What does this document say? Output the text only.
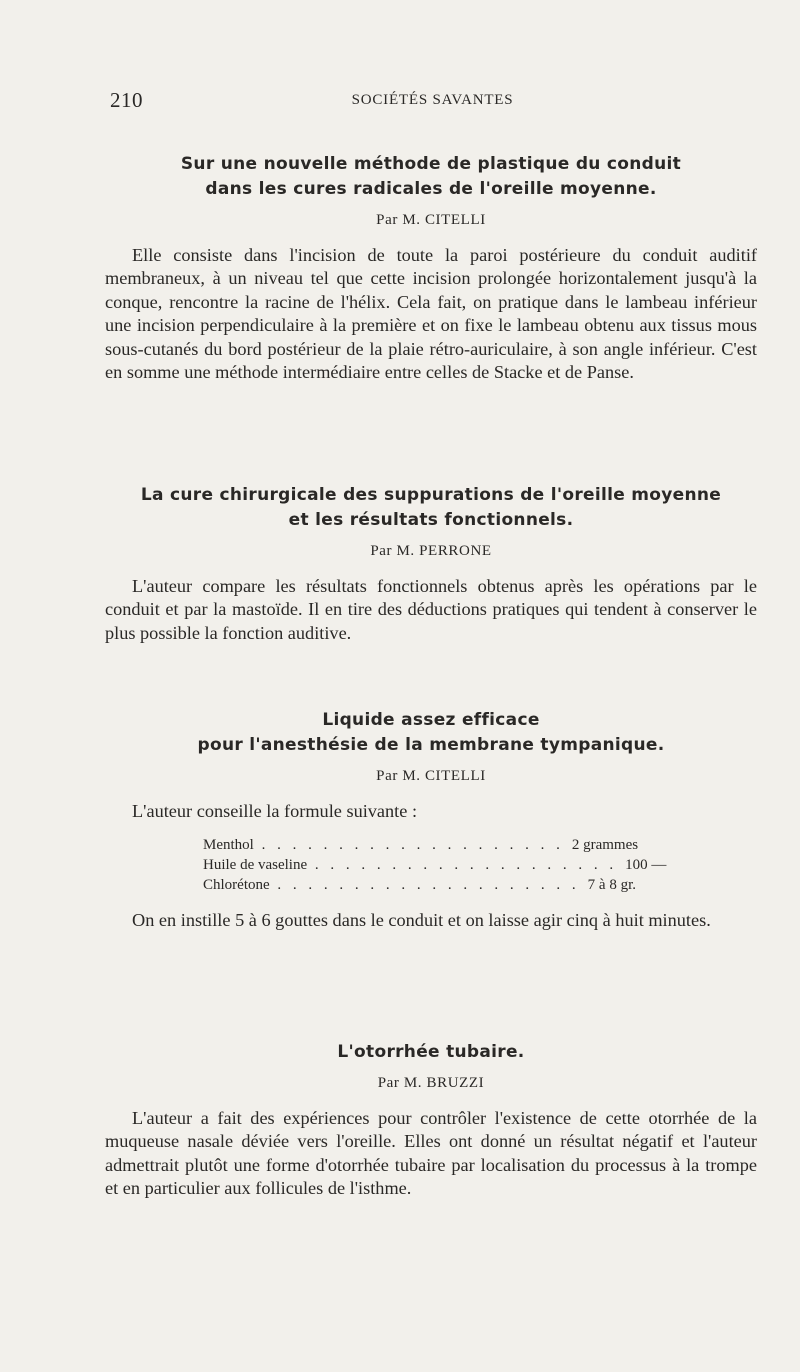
210	SOCIÉTÉS SAVANTES

Sur une nouvelle méthode de plastique du conduit
dans les cures radicales de l'oreille moyenne.

Par M. CITELLI

Elle consiste dans l'incision de toute la paroi postérieure du conduit auditif membraneux, à un niveau tel que cette incision prolongée horizontalement jusqu'à la conque, rencontre la racine de l'hélix. Cela fait, on pratique dans le lambeau inférieur une incision perpendiculaire à la première et on fixe le lambeau obtenu aux tissus mous sous-cutanés du bord postérieur de la plaie rétro-auriculaire, à son angle inférieur. C'est en somme une méthode intermédiaire entre celles de Stacke et de Panse.

La cure chirurgicale des suppurations de l'oreille moyenne
et les résultats fonctionnels.

Par M. PERRONE

L'auteur compare les résultats fonctionnels obtenus après les opérations par le conduit et par la mastoïde. Il en tire des déductions pratiques qui tendent à conserver le plus possible la fonction auditive.

Liquide assez efficace
pour l'anesthésie de la membrane tympanique.

Par M. CITELLI

L'auteur conseille la formule suivante :

Menthol . . . . . . . . . . . . . . . . . . . . 2 grammes
Huile de vaseline . . . . . . . . . . . . . . . . . . . . 100 —
Chlorétone . . . . . . . . . . . . . . . . . . . . 7 à 8 gr.

On en instille 5 à 6 gouttes dans le conduit et on laisse agir cinq à huit minutes.

L'otorrhée tubaire.

Par M. BRUZZI

L'auteur a fait des expériences pour contrôler l'existence de cette otorrhée de la muqueuse nasale déviée vers l'oreille. Elles ont donné un résultat négatif et l'auteur admettrait plutôt une forme d'otorrhée tubaire par localisation du processus à la trompe et en particulier aux follicules de l'isthme.
